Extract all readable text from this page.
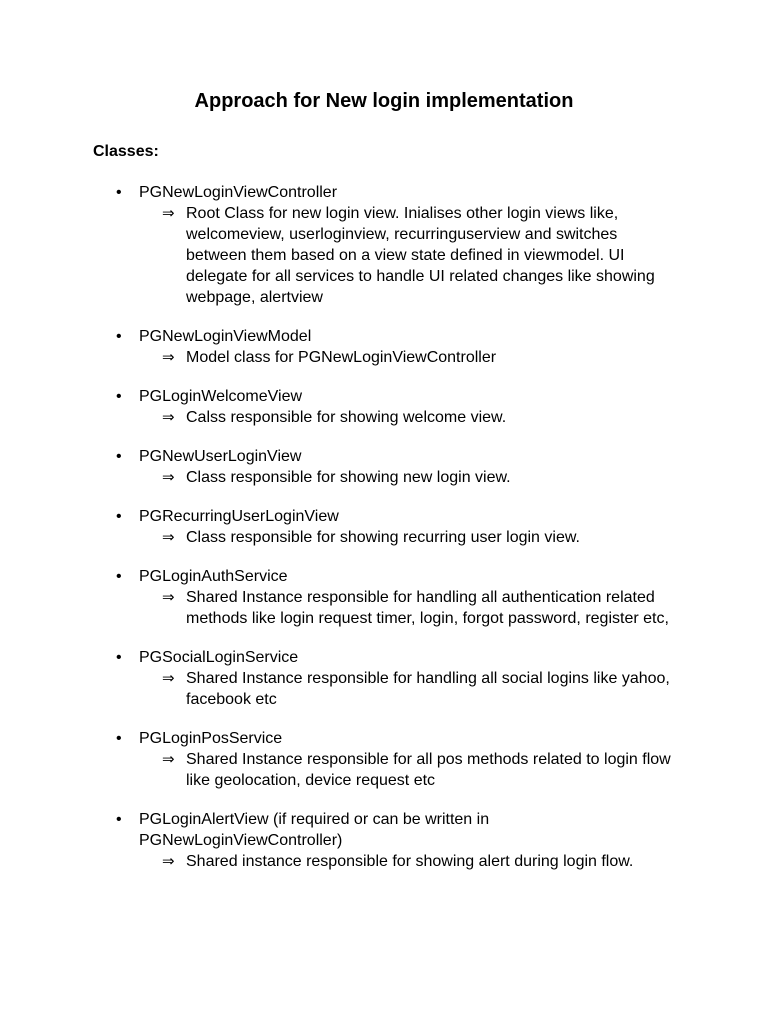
Approach for New login implementation

Classes:

• PGNewLoginViewController
⇒ Root Class for new login view. Inialises other login views like, welcomeview, userloginview, recurringuserview and switches between them based on a view state defined in viewmodel. UI delegate for all services to handle UI related changes like showing webpage, alertview
• PGNewLoginViewModel
⇒ Model class for PGNewLoginViewController
• PGLoginWelcomeView
⇒ Calss responsible for showing welcome view.
• PGNewUserLoginView
⇒ Class responsible for showing new login view.
• PGRecurringUserLoginView
⇒ Class responsible for showing recurring user login view.
• PGLoginAuthService
⇒ Shared Instance responsible for handling all authentication related methods like login request timer, login, forgot password, register etc,
• PGSocialLoginService
⇒ Shared Instance responsible for handling all social logins like yahoo, facebook etc
• PGLoginPosService
⇒ Shared Instance responsible for all pos methods related to login flow like geolocation, device request etc
• PGLoginAlertView (if required or can be written in PGNewLoginViewController)
⇒ Shared instance responsible for showing alert during login flow.
